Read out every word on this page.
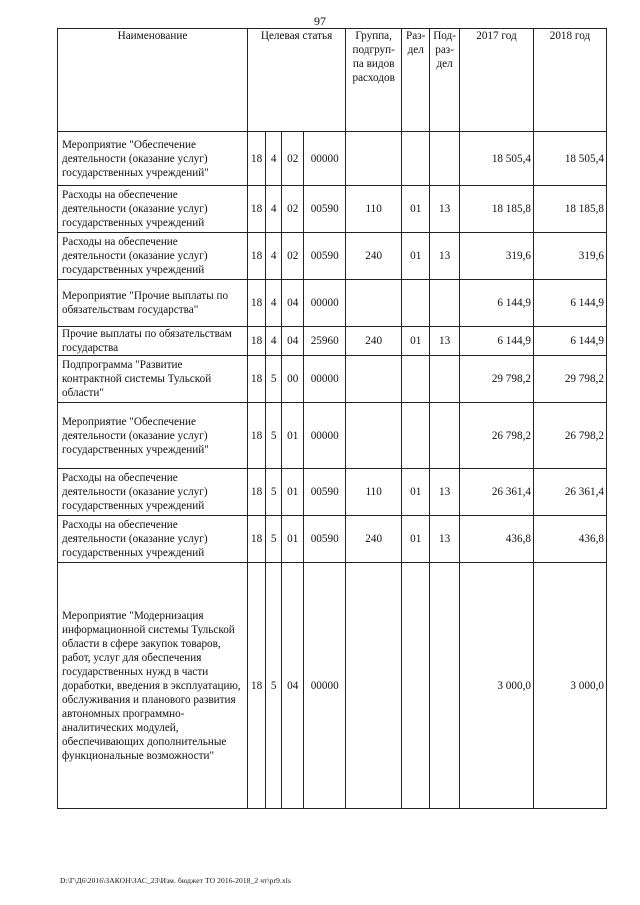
97
Наименование	Целевая статья				Группа, подгруп-па видов расходов	Раз-дел	Под-раз-дел	2017 год	2018 год
Мероприятие "Обеспечение деятельности (оказание услуг) государственных учреждений"	18	4	02	00000				18 505,4	18 505,4
Расходы на обеспечение деятельности (оказание услуг) государственных учреждений	18	4	02	00590	110	01	13	18 185,8	18 185,8
Расходы на обеспечение деятельности (оказание услуг) государственных учреждений	18	4	02	00590	240	01	13	319,6	319,6
Мероприятие "Прочие выплаты по обязательствам государства"	18	4	04	00000				6 144,9	6 144,9
Прочие выплаты по обязательствам государства	18	4	04	25960	240	01	13	6 144,9	6 144,9
Подпрограмма "Развитие контрактной системы Тульской области"	18	5	00	00000				29 798,2	29 798,2
Мероприятие "Обеспечение деятельности (оказание услуг) государственных учреждений"	18	5	01	00000				26 798,2	26 798,2
Расходы на обеспечение деятельности (оказание услуг) государственных учреждений	18	5	01	00590	110	01	13	26 361,4	26 361,4
Расходы на обеспечение деятельности (оказание услуг) государственных учреждений	18	5	01	00590	240	01	13	436,8	436,8
Мероприятие "Модернизация информационной системы Тульской области в сфере закупок товаров, работ, услуг для обеспечения государственных нужд в части доработки, введения в эксплуатацию, обслуживания и планового развития автономных программно-аналитических модулей, обеспечивающих дополнительные функциональные возможности"	18	5	04	00000				3 000,0	3 000,0
D:\Г\Д6\2016\ЗАКОН\ЗАС_23\Изм. бюджет ТО 2016-2018_2 чт\pr9.xls
